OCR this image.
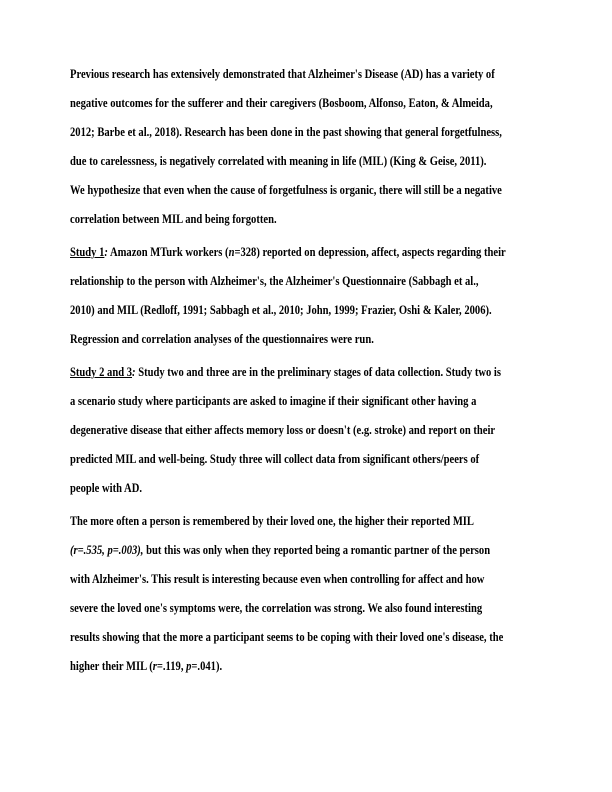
Previous research has extensively demonstrated that Alzheimer's Disease (AD) has a variety of
negative outcomes for the sufferer and their caregivers (Bosboom, Alfonso, Eaton, & Almeida,
2012; Barbe et al., 2018). Research has been done in the past showing that general forgetfulness,
due to carelessness, is negatively correlated with meaning in life (MIL) (King & Geise, 2011).
We hypothesize that even when the cause of forgetfulness is organic, there will still be a negative
correlation between MIL and being forgotten.
Study 1: Amazon MTurk workers (n=328) reported on depression, affect, aspects regarding their
relationship to the person with Alzheimer's, the Alzheimer's Questionnaire (Sabbagh et al.,
2010) and MIL (Redloff, 1991; Sabbagh et al., 2010; John, 1999; Frazier, Oshi & Kaler, 2006).
Regression and correlation analyses of the questionnaires were run.
Study 2 and 3: Study two and three are in the preliminary stages of data collection. Study two is
a scenario study where participants are asked to imagine if their significant other having a
degenerative disease that either affects memory loss or doesn't (e.g. stroke) and report on their
predicted MIL and well-being. Study three will collect data from significant others/peers of
people with AD.
The more often a person is remembered by their loved one, the higher their reported MIL
(r=.535, p=.003), but this was only when they reported being a romantic partner of the person
with Alzheimer's. This result is interesting because even when controlling for affect and how
severe the loved one's symptoms were, the correlation was strong. We also found interesting
results showing that the more a participant seems to be coping with their loved one's disease, the
higher their MIL (r=.119, p=.041).
